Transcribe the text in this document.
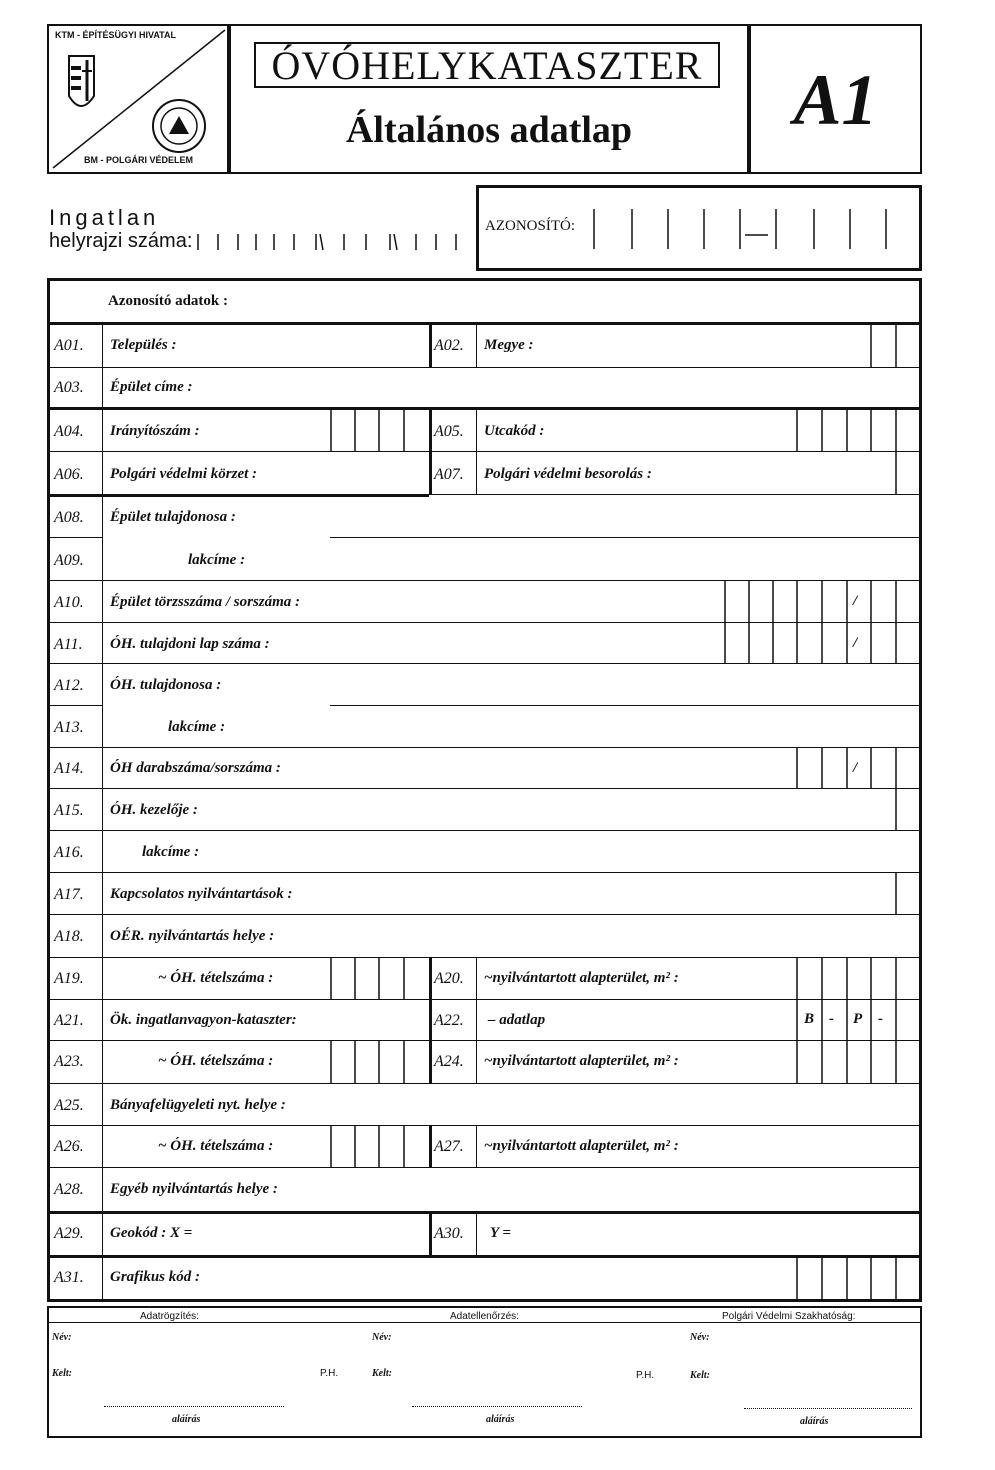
KTM - ÉPÍTÉSÜGYI HIVATAL
BM - POLGÁRI VÉDELEM
ÓVÓHELYKATASZTER
Általános adatlap	A1
Ingatlan
helyrajzi száma:
AZONOSÍTÓ:
Azonosító adatok :
/
/
/
B - P -
A01. Település :	A02. Megye :
A03. Épület címe :
A04. Irányítószám :	A05. Utcakód :
A06. Polgári védelmi körzet :	A07. Polgári védelmi besorolás :
A08. Épület tulajdonosa :
A09.	lakcíme :
A10. Épület törzsszáma / sorszáma :
A11. ÓH. tulajdoni lap száma :
A12. ÓH. tulajdonosa :
A13.	lakcíme :
A14. ÓH darabszáma/sorszáma :
A15. ÓH. kezelője :
A16.	lakcíme :
A17. Kapcsolatos nyilvántartások :
A18. OÉR. nyilvántartás helye :
A19.	~ ÓH. tételszáma :	A20. ~nyilvántartott alapterület, m² :
A21. Ök. ingatlanvagyon-kataszter:	A22. – adatlap
A23.	~ ÓH. tételszáma :	A24. ~nyilvántartott alapterület, m² :
A25. Bányafelügyeleti nyt. helye :
A26.	~ ÓH. tételszáma :	A27. ~nyilvántartott alapterület, m² :
A28. Egyéb nyilvántartás helye :
A29. Geokód : X =	A30. Y =
A31. Grafikus kód :
Adatrögzítés:	Adatellenőrzés:	Polgári Védelmi Szakhatóság:
Név:	Név:	Név:
Kelt:	P.H.	Kelt:	P.H.	Kelt:
aláírás	aláírás	aláírás
